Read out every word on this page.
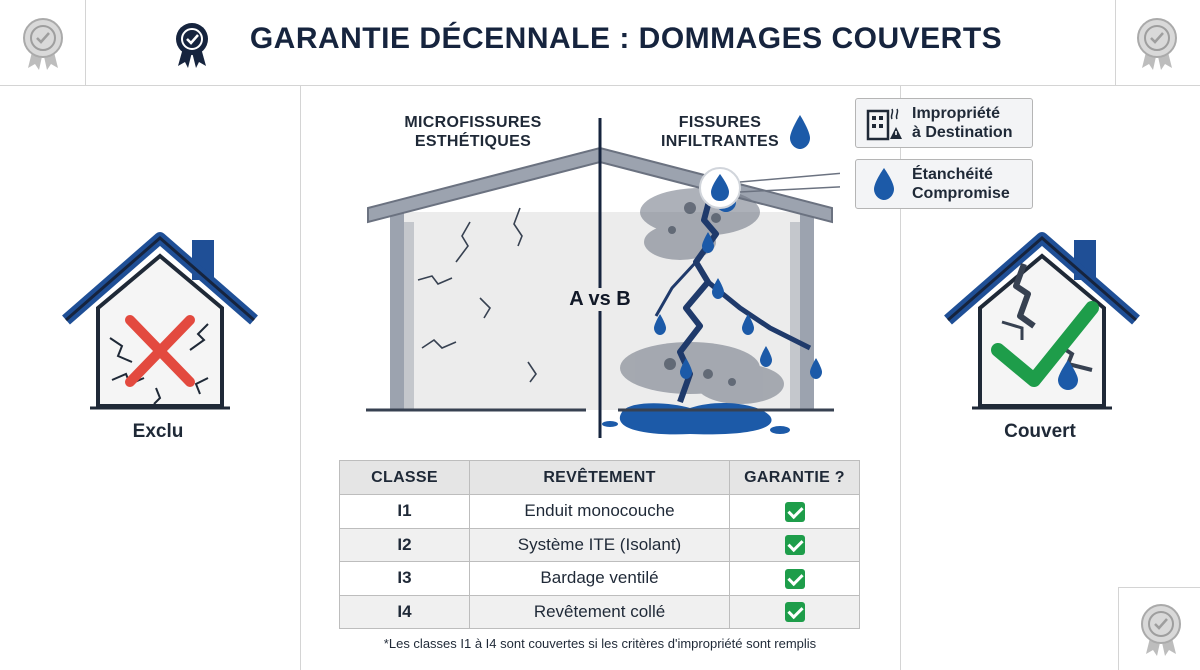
GARANTIE DÉCENNALE : DOMMAGES COUVERTS
Exclu	Couvert
MICROFISSURES
ESTHÉTIQUES
FISSURES
INFILTRANTES
A vs B
Impropriété
à Destination
Étanchéité
Compromise
CLASSE	REVÊTEMENT	GARANTIE ?
I1	Enduit monocouche	
I2	Système ITE (Isolant)	
I3	Bardage ventilé	
I4	Revêtement collé	
*Les classes I1 à I4 sont couvertes si les critères d'impropriété sont remplis
